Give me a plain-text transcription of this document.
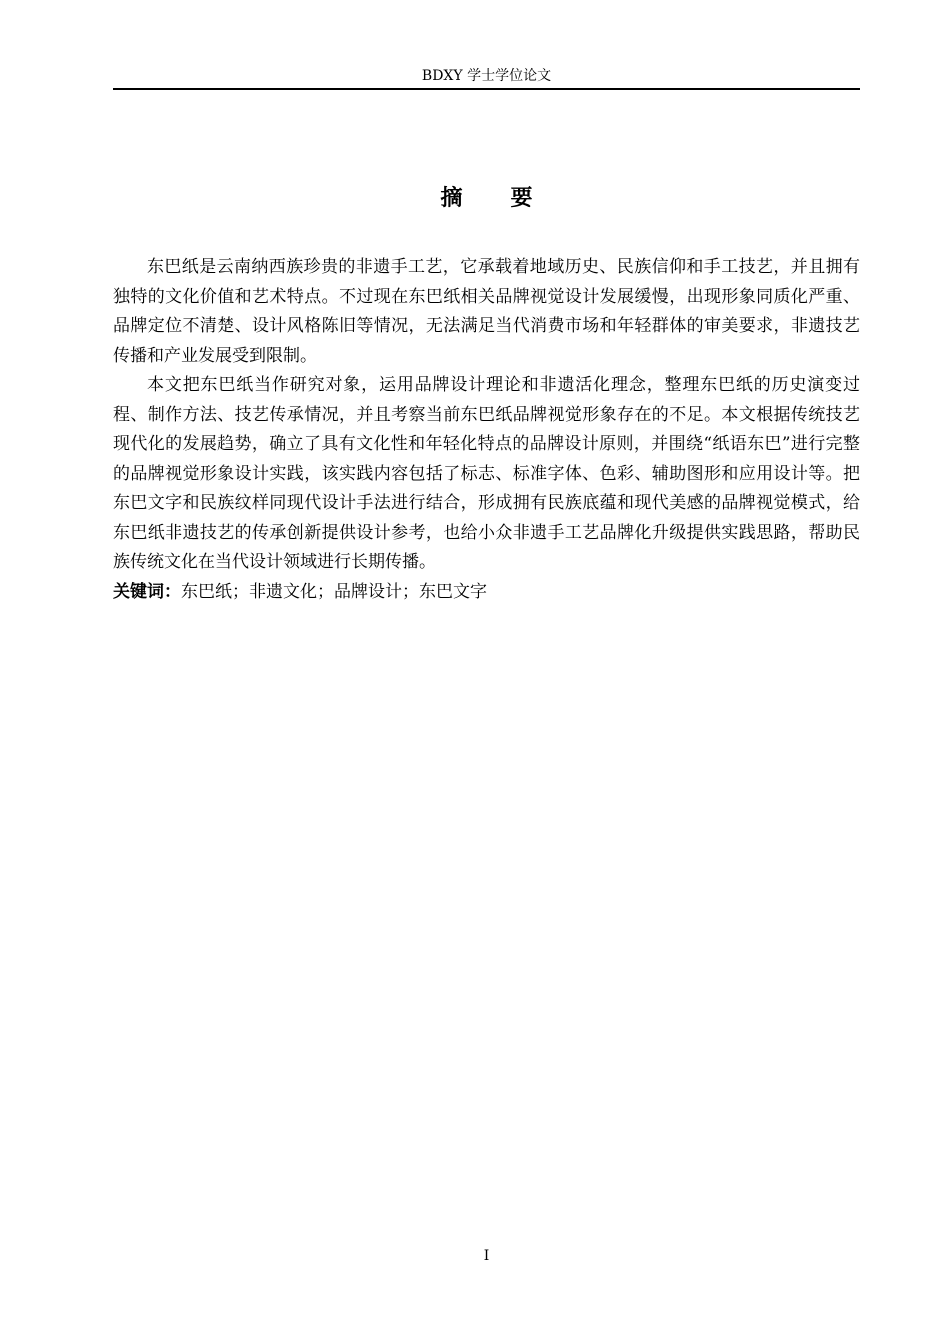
BDXY 学士学位论文
摘要

东巴纸是云南纳西族珍贵的非遗手工艺，它承载着地域历史、民族信仰和手工技艺，并且拥有独特的文化价值和艺术特点。不过现在东巴纸相关品牌视觉设计发展缓慢，出现形象同质化严重、品牌定位不清楚、设计风格陈旧等情况，无法满足当代消费市场和年轻群体的审美要求，非遗技艺传播和产业发展受到限制。

本文把东巴纸当作研究对象，运用品牌设计理论和非遗活化理念，整理东巴纸的历史演变过程、制作方法、技艺传承情况，并且考察当前东巴纸品牌视觉形象存在的不足。本文根据传统技艺现代化的发展趋势，确立了具有文化性和年轻化特点的品牌设计原则，并围绕“纸语东巴”进行完整的品牌视觉形象设计实践，该实践内容包括了标志、标准字体、色彩、辅助图形和应用设计等。把东巴文字和民族纹样同现代设计手法进行结合，形成拥有民族底蕴和现代美感的品牌视觉模式，给东巴纸非遗技艺的传承创新提供设计参考，也给小众非遗手工艺品牌化升级提供实践思路，帮助民族传统文化在当代设计领域进行长期传播。

关键词：东巴纸；非遗文化；品牌设计；东巴文字

I
